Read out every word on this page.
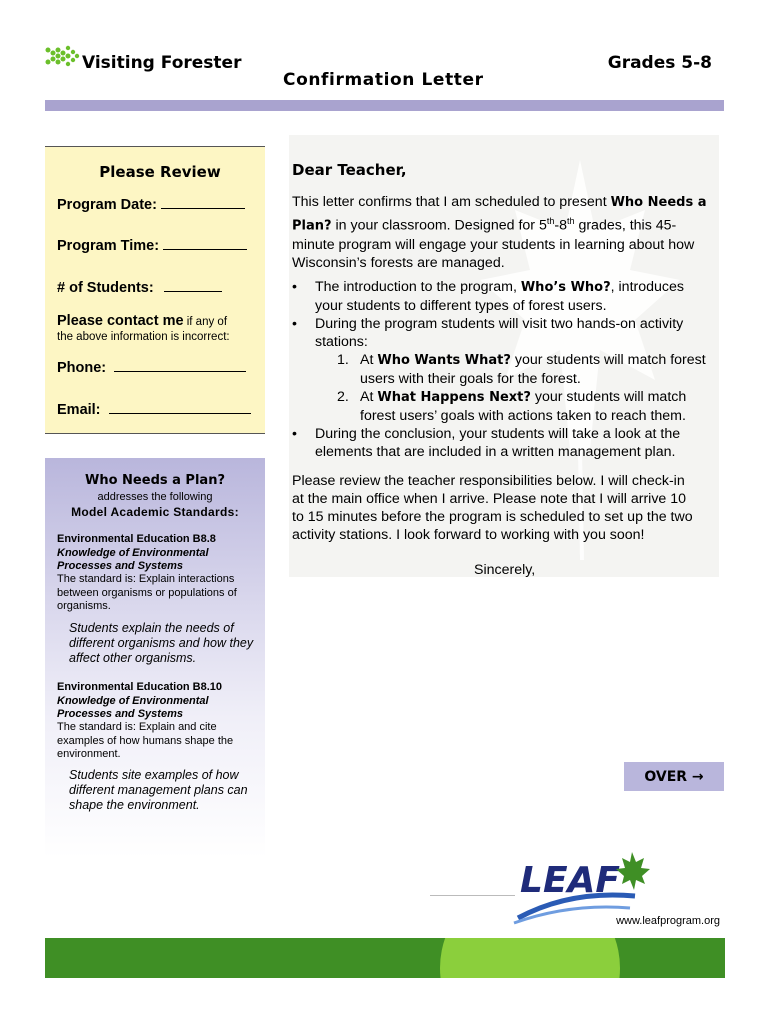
Visiting Forester	Grades 5-8
Confirmation Letter
Please Review
Program Date:
Program Time:
# of Students:
Please contact me if any of
the above information is incorrect:
Phone:
Email:
Who Needs a Plan?
addresses the following
Model Academic Standards:
Environmental Education B8.8
Knowledge of Environmental
Processes and Systems
The standard is: Explain interactions between organisms or populations of organisms.
Students explain the needs of different organisms and how they affect other organisms.
Environmental Education B8.10
Knowledge of Environmental
Processes and Systems
The standard is: Explain and cite examples of how humans shape the environment.
Students site examples of how different management plans can shape the environment.
Dear Teacher,
This letter confirms that I am scheduled to present Who Needs a
Plan? in your classroom. Designed for 5th-8th grades, this 45-
minute program will engage your students in learning about how
Wisconsin’s forests are managed.
• The introduction to the program, Who’s Who?, introduces
your students to different types of forest users.
• During the program students will visit two hands-on activity
stations:
1. At Who Wants What? your students will match forest
users with their goals for the forest.
2. At What Happens Next? your students will match
forest users’ goals with actions taken to reach them.
• During the conclusion, your students will take a look at the
elements that are included in a written management plan.
Please review the teacher responsibilities below. I will check-in
at the main office when I arrive. Please note that I will arrive 10
to 15 minutes before the program is scheduled to set up the two
activity stations. I look forward to working with you soon!
Sincerely,
OVER →
LEAF
www.leafprogram.org
